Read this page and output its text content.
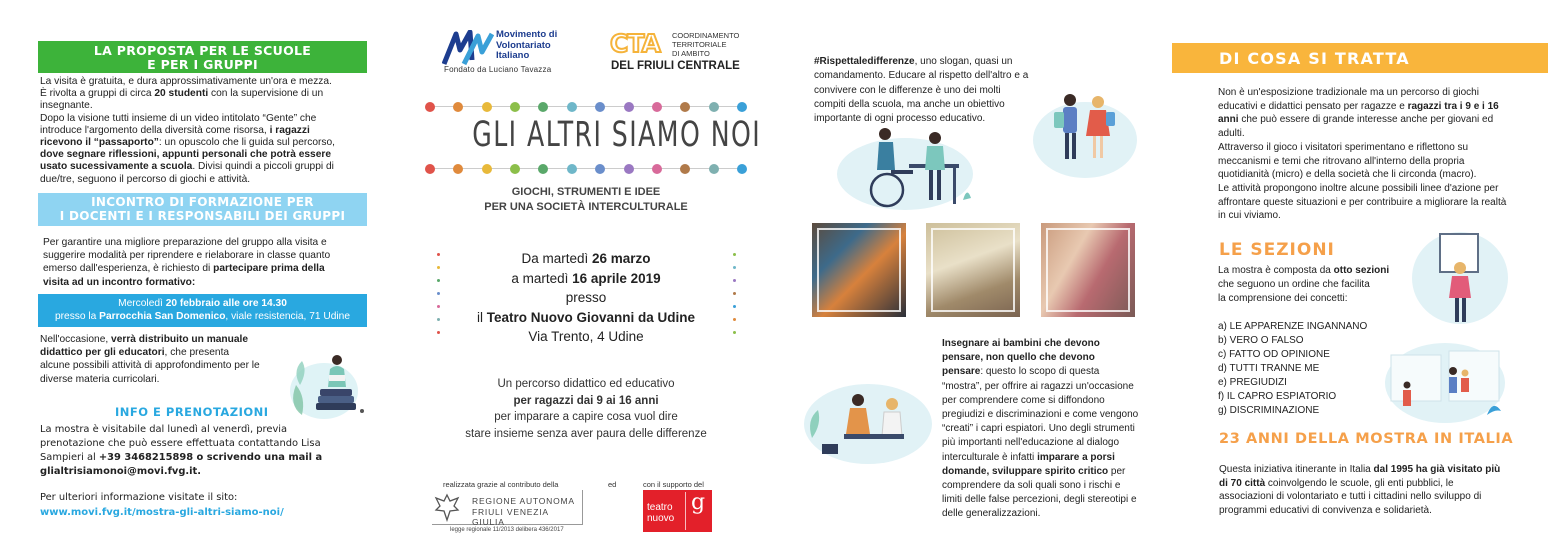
LA PROPOSTA PER LE SCUOLE
E PER I GRUPPI
La visita è gratuita, e dura approssimativamente un'ora e mezza.
È rivolta a gruppi di circa 20 studenti con la supervisione di un
insegnante.
Dopo la visione tutti insieme di un video intitolato “Gente” che
introduce l'argomento della diversità come risorsa, i ragazzi
ricevono il “passaporto”: un opuscolo che li guida sul percorso,
dove segnare riflessioni, appunti personali che potrà essere
usato sucessivamente a scuola. Divisi quindi a piccoli gruppi di
due/tre, seguono il percorso di giochi e attività.
INCONTRO DI FORMAZIONE PER
I DOCENTI E I RESPONSABILI DEI GRUPPI
Per garantire una migliore preparazione del gruppo alla visita e
suggerire modalità per riprendere e rielaborare in classe quanto
emerso dall'esperienza, è richiesto di partecipare prima della
visita ad un incontro formativo:
Mercoledì 20 febbraio alle ore 14.30
presso la Parrocchia San Domenico, viale resistencia, 71 Udine
Nell'occasione, verrà distribuito un manuale
didattico per gli educatori, che presenta
alcune possibili attività di approfondimento per le
diverse materia curricolari.
INFO E PRENOTAZIONI
La mostra è visitabile dal lunedì al venerdì, previa
prenotazione che può essere effettuata contattando Lisa
Sampieri al +39 3468215898 o scrivendo una mail a
glialtrisiamonoi@movi.fvg.it.
Per ulteriori informazione visitate il sito:
www.movi.fvg.it/mostra-gli-altri-siamo-noi/
Movimento di
Volontariato
Italiano
Fondato da Luciano Tavazza
CTA COORDINAMENTO
TERRITORIALE
DI AMBITO
DEL FRIULI CENTRALE
GLI ALTRI SIAMO NOI
GIOCHI, STRUMENTI E IDEE
PER UNA SOCIETÀ INTERCULTURALE
Da martedì 26 marzo
a martedì 16 aprile 2019
presso
il Teatro Nuovo Giovanni da Udine
Via Trento, 4 Udine
Un percorso didattico ed educativo
per ragazzi dai 9 ai 16 anni
per imparare a capire cosa vuol dire
stare insieme senza aver paura delle differenze
realizzata grazie al contributo della	ed	con il supporto del
REGIONE AUTONOMA
FRIULI VENEZIA GIULIA
legge regionale 11/2013 delibera 436/2017
teatro
nuovo
g
#Rispettaledifferenze, uno slogan, quasi un
comandamento. Educare al rispetto dell'altro e a
convivere con le differenze è uno dei molti
compiti della scuola, ma anche un obiettivo
importante di ogni processo educativo.
Insegnare ai bambini che devono
pensare, non quello che devono
pensare: questo lo scopo di questa
“mostra”, per offrire ai ragazzi un'occasione
per comprendere come si diffondono
pregiudizi e discriminazioni e come vengono
“creati” i capri espiatori. Uno degli strumenti
più importanti nell'educazione al dialogo
interculturale è infatti imparare a porsi
domande, sviluppare spirito critico per
comprendere da soli quali sono i rischi e
limiti delle false percezioni, degli stereotipi e
delle generalizzazioni.
DI COSA SI TRATTA
Non è un'esposizione tradizionale ma un percorso di giochi
educativi e didattici pensato per ragazze e ragazzi tra i 9 e i 16
anni che può essere di grande interesse anche per giovani ed
adulti.
Attraverso il gioco i visitatori sperimentano e riflettono su
meccanismi e temi che ritrovano all'interno della propria
quotidianità (micro) e della società che li circonda (macro).
Le attività propongono inoltre alcune possibili linee d'azione per
affrontare queste situazioni e per contribuire a migliorare la realtà
in cui viviamo.
LE SEZIONI
La mostra è composta da otto sezioni
che seguono un ordine che facilita
la comprensione dei concetti:
a) LE APPARENZE INGANNANO
b) VERO O FALSO
c) FATTO OD OPINIONE
d) TUTTI TRANNE ME
e) PREGIUDIZI
f) IL CAPRO ESPIATORIO
g) DISCRIMINAZIONE
23 ANNI DELLA MOSTRA IN ITALIA
Questa iniziativa itinerante in Italia dal 1995 ha già visitato più
di 70 città coinvolgendo le scuole, gli enti pubblici, le
associazioni di volontariato e tutti i cittadini nello sviluppo di
programmi educativi di convivenza e solidarietà.
